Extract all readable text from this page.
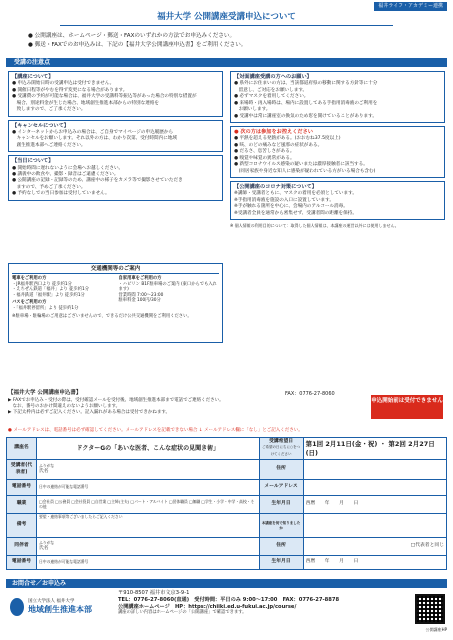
福井ライフ・アカデミー連携
福井大学 公開講座受講申込について
● 公開講座は、ホームページ・郵送・FAXのいずれかの方法でお申込みください。
● 郵送・FAXでのお申込みは、下記の【福井大学公開講座申込書】をご利用ください。
受講の注意点
【講座について】

● 申込み開始日時の受講申込は受付できません。

● 開催日程等がやむを得ず変更になる場合があります。

● 受講費の予約が可能な場合は、福井大学の受講料等振込等があった場合の特別な措置が

　場合、別途料金が生じた場合、地域創生推進本部からの特別な連絡を

　致しますので、ご了承ください。

【キャンセルについて】

● インターネットからお申込みの場合は、ご自身でマイページの申込履歴から

　キャンセルをお願いします。それ以外の方は、わかり次第、受付時間内に地域

　創生推進本部へご連絡ください。

【当日について】

● 開始時間に遅れないように会場へお越しください。

● 講義中の飲食や、撮影・録音はご遠慮ください。

● 公開講座の記録・記録等のため、講座中の様子をカメラ等で撮影させていただき

　ますので、予めご了承ください。

● 予約なしでの当日参加は受付していません。

交通機関等のご案内
電車をご利用の方
・JR福井駅西口より 徒歩約1分
・えちぜん鉄道「福井」より 徒歩約1分
・福井鉄道「福井駅」より 徒歩約1分
バスをご利用の方
・「福井駅停留所」より 徒歩約1分
自家用車をご利用の方
・ハピリン B1F駐車場のご案内 (東口からでも入れます)
営業時間 7:00〜23:00
駐車料金 100円/30分
※駐車場・駐輪場のご用意はございませんので、できるだけ公共交通機関をご利用ください。
【対面講座受講の方へのお願い】

● 県外にお住まいの方は、当該都道府県の移動に関する方針等に十分

　留意し、ご対応をお願いします。

● 必ずマスクを着用してください。

● 来場時・再入場時は、場内に設置してある手指用消毒液のご利用を

　お願いします。

● 受講中は常に講座室の換気のため窓を開けていることがあります。

● 次の方は参加をお控えください

● 平熱を超える発熱がある。(おおむね37.5度以上)

● 咳、のどの痛みなど風邪の症状がある。

● だるさ、息苦しさがある。

● 嗅覚や味覚の異常がある。

● 新型コロナウイルス感染の疑いまたは濃厚接触者に該当する。

　(同居家族や身近な知人に感染が疑われている方がいる場合も含む)

【公開講座のコロナ対策について】

※講師・受講者ともに、マスクの着用を必須としています。

※手指用消毒液を施設の入口に設置しています。

※手が触れる箇所を中心に、会場内のアルコール消毒。

※受講者全員を通常から密集せず、受講者間の距離を保持。

※ 個人情報の利用目的について：取得した個人情報は、本講座の運営以外には使用しません。

【福井大学 公開講座申込書】	FAX：0776-27-8060
▶ FAXでお申込み・受付の際は、受付確認メールを受付後、地域創生推進本部まで電話でご連絡ください。
　なお、番号のおかけ間違えのないようお願いします。
▶ 下記太枠内は必ずご記入ください。記入漏れがある場合は受付できかねます。
申込開始前は受付できません
● メールアドレスは、電話番号は必ず確認してください。メールアドレスを記載できない場合 ↓ メールアドレス欄に「なし」とご記入ください。
講座名	ドクターGの「あいな医者、こんな症状の見聞き術」	受講希望日
ご希望の日にちに○をつけてください	第1回 2月11日(金・祝) ・ 第2回 2月27日(日)
受講者(代表者)	ふりがな
氏名	住所	
電話番号	日中の連絡が可能な電話番号	メールアドレス	
職業	□会社員 □公務員 □会社役員 □自営業 □主婦(主夫) □パート・アルバイト □団体職員 □無職 □学生・小学・中学・高校・その他	生年月日	西暦　　年　　月　　日
備考	要望・連絡事項等ございましたらご記入ください	本講座を何で知りましたか	
同伴者	ふりがな
氏名	住所	□代表者と同じ
電話番号	日中の連絡が可能な電話番号	生年月日	西暦　　年　　月　　日
お問合せ／お申込み
国立大学法人 福井大学
地域創生推進本部
〒910-8507 福井市文京3-9-1
TEL：0776-27-8060(直通)　受付時間：平日のみ 9:00〜17:00　FAX：0776-27-8878
公開講座ホームページ　HP：https://chiiki.ed.u-fukui.ac.jp/course/
講座の詳しい内容はホームページの「公開講座」で確認できます。
公開講座HP
